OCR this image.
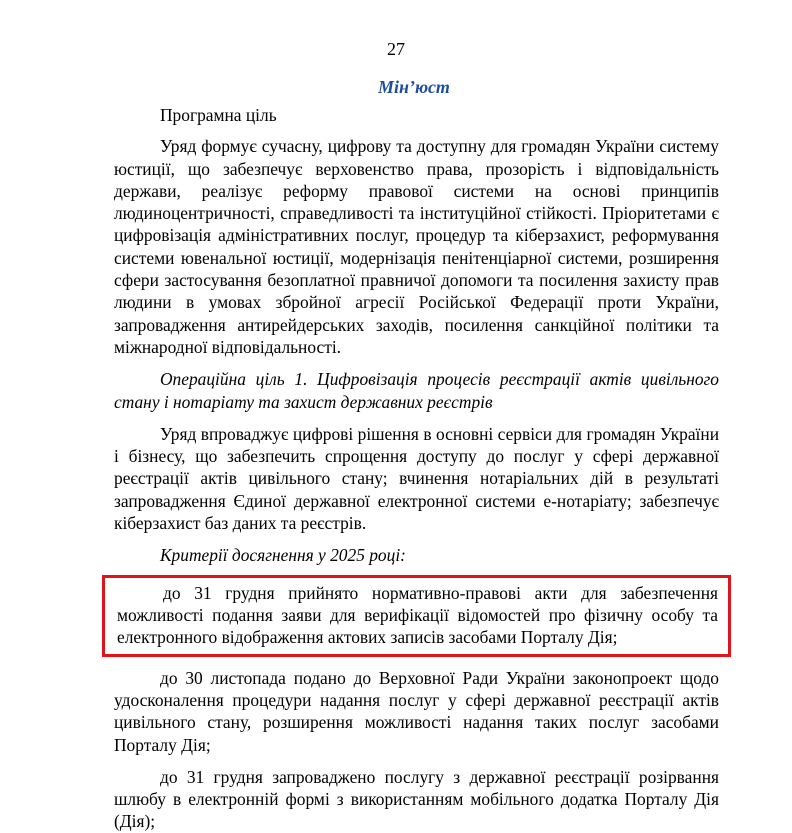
27
Мін’юст

Програмна ціль

Уряд формує сучасну, цифрову та доступну для громадян України систему юстиції, що забезпечує верховенство права, прозорість і відповідальність держави, реалізує реформу правової системи на основі принципів людиноцентричності, справедливості та інституційної стійкості. Пріоритетами є цифровізація адміністративних послуг, процедур та кіберзахист, реформування системи ювенальної юстиції, модернізація пенітенціарної системи, розширення сфери застосування безоплатної правничої допомоги та посилення захисту прав людини в умовах збройної агресії Російської Федерації проти України, запровадження антирейдерських заходів, посилення санкційної політики та міжнародної відповідальності.

Операційна ціль 1. Цифровізація процесів реєстрації актів цивільного стану і нотаріату та захист державних реєстрів

Уряд впроваджує цифрові рішення в основні сервіси для громадян України і бізнесу, що забезпечить спрощення доступу до послуг у сфері державної реєстрації актів цивільного стану; вчинення нотаріальних дій в результаті запровадження Єдиної державної електронної системи е-нотаріату; забезпечує кіберзахист баз даних та реєстрів.

Критерії досягнення у 2025 році:

до 31 грудня прийнято нормативно-правові акти для забезпечення можливості подання заяви для верифікації відомостей про фізичну особу та електронного відображення актових записів засобами Порталу Дія;

до 30 листопада подано до Верховної Ради України законопроект щодо удосконалення процедури надання послуг у сфері державної реєстрації актів цивільного стану, розширення можливості надання таких послуг засобами Порталу Дія;

до 31 грудня запроваджено послугу з державної реєстрації розірвання шлюбу в електронній формі з використанням мобільного додатка Порталу Дія (Дія);
